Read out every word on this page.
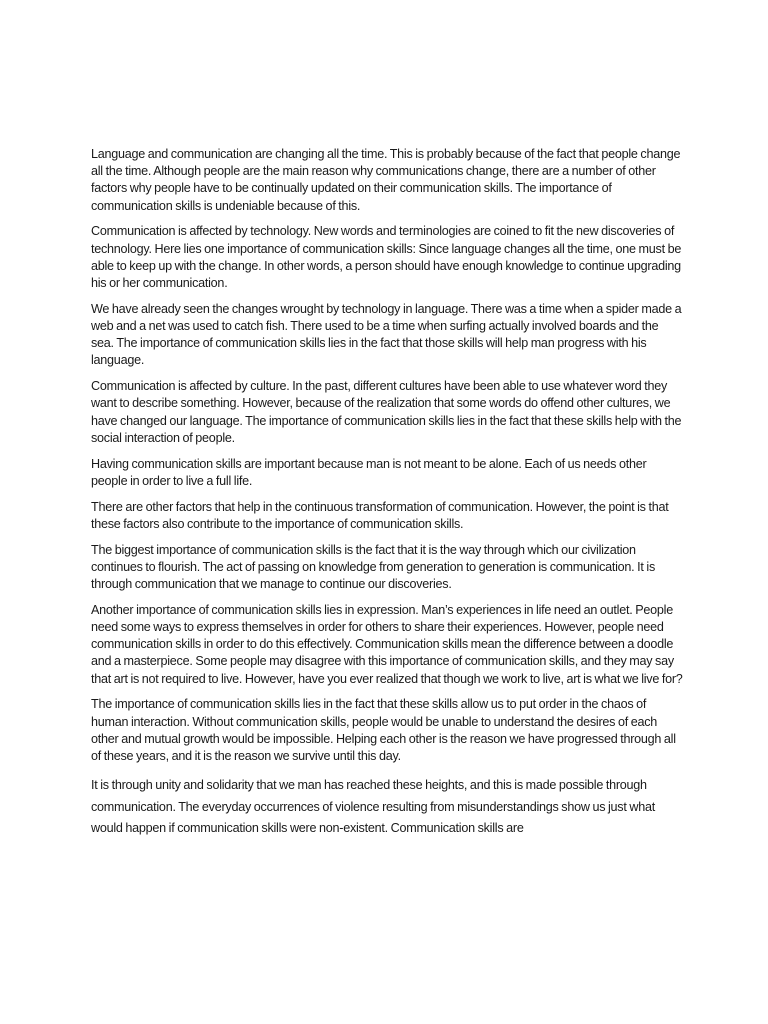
Language and communication are changing all the time. This is probably because of the fact that people change all the time. Although people are the main reason why communications change, there are a number of other factors why people have to be continually updated on their communication skills. The importance of communication skills is undeniable because of this.

Communication is affected by technology. New words and terminologies are coined to fit the new discoveries of technology. Here lies one importance of communication skills: Since language changes all the time, one must be able to keep up with the change. In other words, a person should have enough knowledge to continue upgrading his or her communication.

We have already seen the changes wrought by technology in language. There was a time when a spider made a web and a net was used to catch fish. There used to be a time when surfing actually involved boards and the sea. The importance of communication skills lies in the fact that those skills will help man progress with his language.

Communication is affected by culture. In the past, different cultures have been able to use whatever word they want to describe something. However, because of the realization that some words do offend other cultures, we have changed our language. The importance of communication skills lies in the fact that these skills help with the social interaction of people.

Having communication skills are important because man is not meant to be alone. Each of us needs other people in order to live a full life.

There are other factors that help in the continuous transformation of communication. However, the point is that these factors also contribute to the importance of communication skills.

The biggest importance of communication skills is the fact that it is the way through which our civilization continues to flourish. The act of passing on knowledge from generation to generation is communication. It is through communication that we manage to continue our discoveries.

Another importance of communication skills lies in expression. Man’s experiences in life need an outlet. People need some ways to express themselves in order for others to share their experiences. However, people need communication skills in order to do this effectively. Communication skills mean the difference between a doodle and a masterpiece. Some people may disagree with this importance of communication skills, and they may say that art is not required to live. However, have you ever realized that though we work to live, art is what we live for?

The importance of communication skills lies in the fact that these skills allow us to put order in the chaos of human interaction. Without communication skills, people would be unable to understand the desires of each other and mutual growth would be impossible. Helping each other is the reason we have progressed through all of these years, and it is the reason we survive until this day.

It is through unity and solidarity that we man has reached these heights, and this is made possible through communication. The everyday occurrences of violence resulting from misunderstandings show us just what would happen if communication skills were non-existent. Communication skills are
